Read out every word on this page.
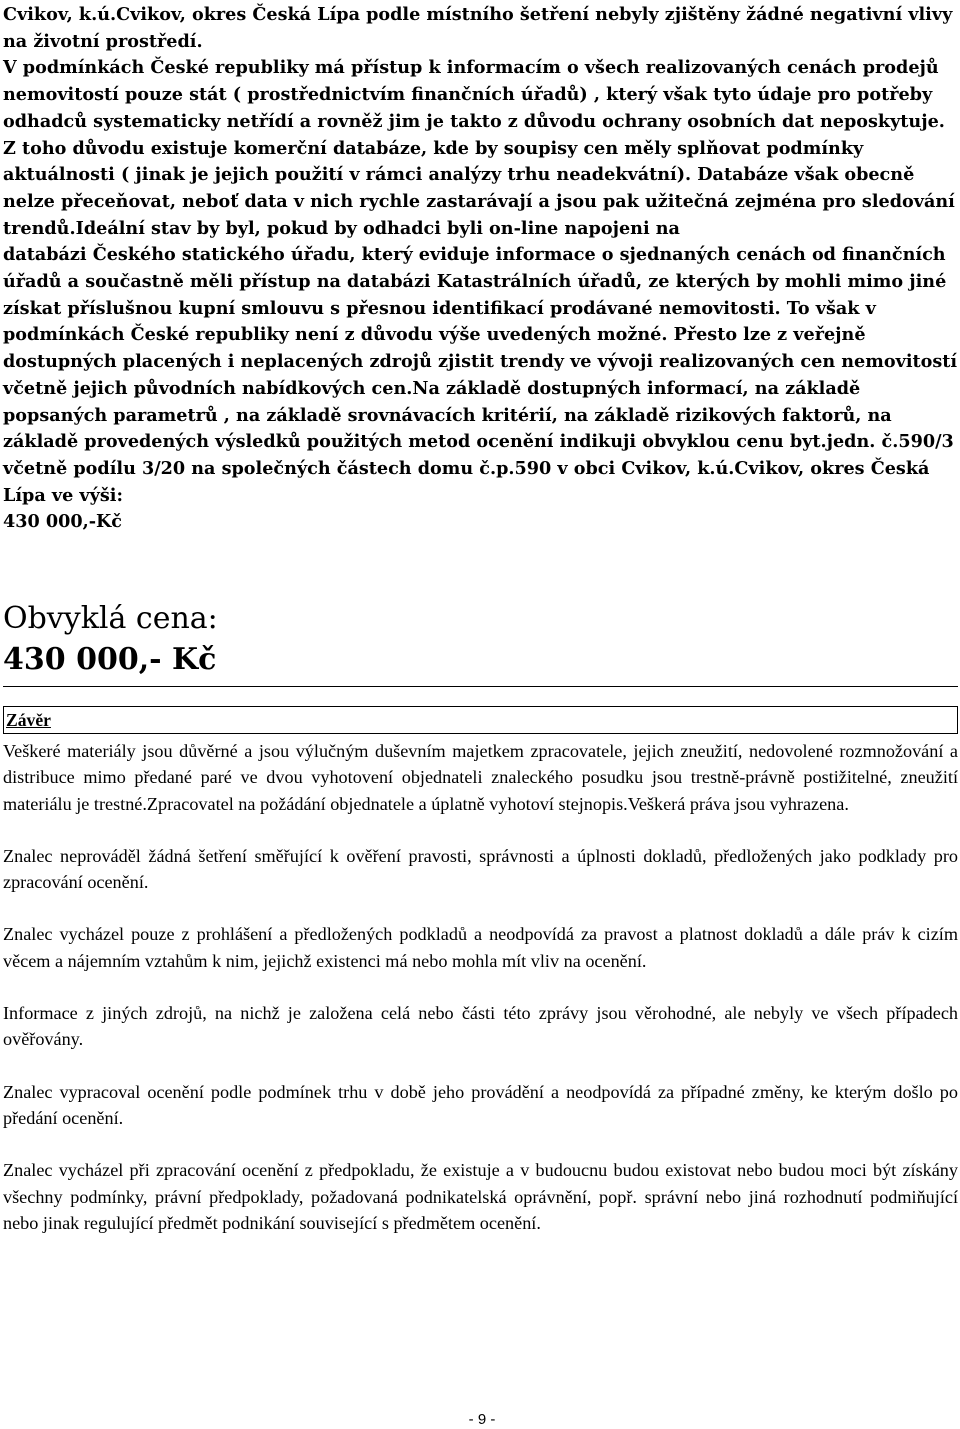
Cvikov, k.ú.Cvikov, okres Česká Lípa podle místního šetření nebyly zjištěny žádné negativní vlivy na životní prostředí.
V podmínkách České republiky má přístup k informacím o všech realizovaných cenách prodejů nemovitostí pouze stát ( prostřednictvím finančních úřadů) , který však tyto údaje pro potřeby odhadců systematicky netřídí a rovněž jim je takto z důvodu ochrany osobních dat neposkytuje. Z toho důvodu existuje komerční databáze, kde by soupisy cen měly splňovat podmínky aktuálnosti ( jinak je jejich použití v rámci analýzy trhu neadekvátní). Databáze však obecně nelze přeceňovat, neboť data v nich rychle zastarávají a jsou pak užitečná zejména pro sledování trendů.Ideální stav by byl, pokud by odhadci byli on-line napojeni na
databázi Českého statického úřadu, který eviduje informace o sjednaných cenách od finančních úřadů a součastně měli přístup na databázi Katastrálních úřadů, ze kterých by mohli mimo jiné získat příslušnou kupní smlouvu s přesnou identifikací prodávané nemovitosti. To však v podmínkách České republiky není z důvodu výše uvedených možné. Přesto lze z veřejně dostupných placených i neplacených zdrojů zjistit trendy ve vývoji realizovaných cen nemovitostí včetně jejich původních nabídkových cen.Na základě dostupných informací, na základě popsaných parametrů , na základě srovnávacích kritérií, na základě rizikových faktorů, na základě provedených výsledků použitých metod ocenění indikuji obvyklou cenu byt.jedn. č.590/3 včetně podílu 3/20 na společných částech domu č.p.590 v obci Cvikov, k.ú.Cvikov, okres Česká Lípa ve výši:
430 000,-Kč
Obvyklá cena:
430 000,- Kč
Závěr

Veškeré materiály jsou důvěrné a jsou výlučným duševním majetkem zpracovatele, jejich zneužití, nedovolené rozmnožování a distribuce mimo předané paré ve dvou vyhotovení objednateli znaleckého posudku jsou trestně-právně postižitelné, zneužití materiálu je trestné.Zpracovatel na požádání objednatele a úplatně vyhotoví stejnopis.Veškerá práva jsou vyhrazena.

Znalec neprováděl žádná šetření směřující k ověření pravosti, správnosti a úplnosti dokladů, předložených jako podklady pro zpracování ocenění.

Znalec vycházel pouze z prohlášení a předložených podkladů a neodpovídá za pravost a platnost dokladů a dále práv k cizím věcem a nájemním vztahům k nim, jejichž existenci má nebo mohla mít vliv na ocenění.

Informace z jiných zdrojů, na nichž je založena celá nebo části této zprávy jsou věrohodné, ale nebyly ve všech případech ověřovány.

Znalec vypracoval ocenění podle podmínek trhu v době jeho provádění a neodpovídá za případné změny, ke kterým došlo po předání ocenění.

Znalec vycházel při zpracování ocenění z předpokladu, že existuje a v budoucnu budou existovat nebo budou moci být získány všechny podmínky, právní předpoklady, požadovaná podnikatelská oprávnění, popř. správní nebo jiná rozhodnutí podmiňující nebo jinak regulující předmět podnikání související s předmětem ocenění.

- 9 -
